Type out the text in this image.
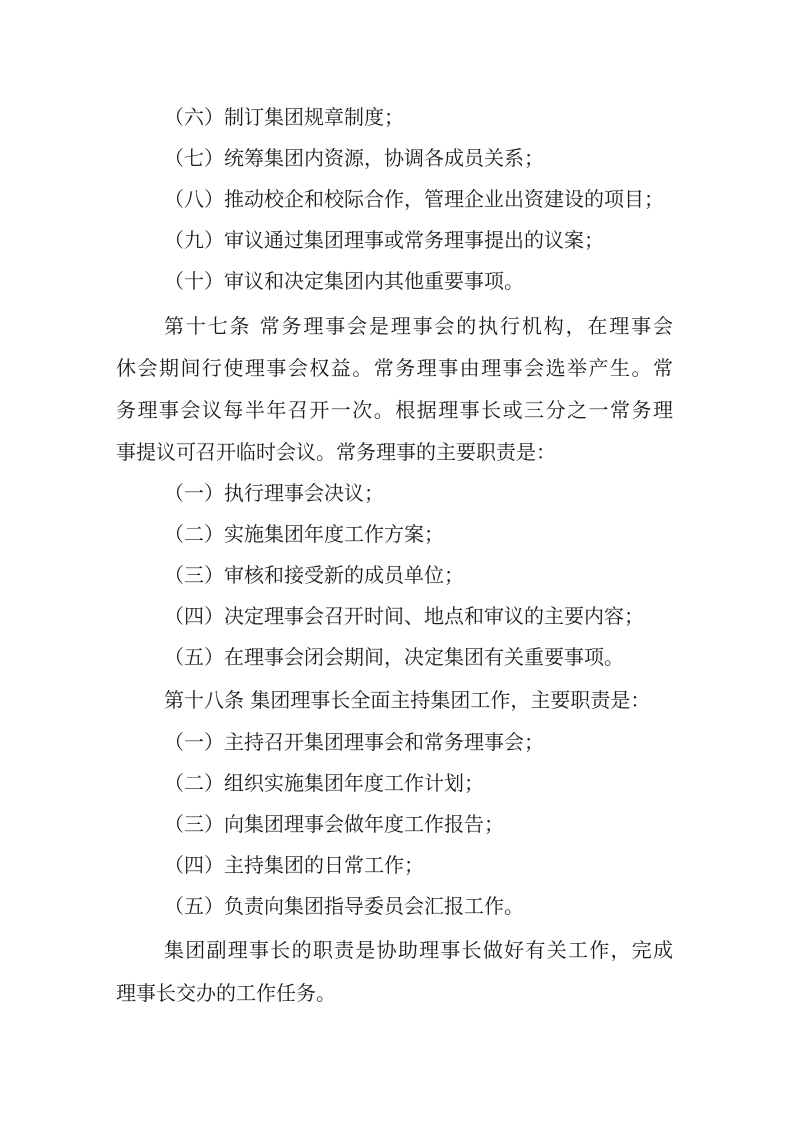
（六）制订集团规章制度；
（七）统筹集团内资源，协调各成员关系；
（八）推动校企和校际合作，管理企业出资建设的项目；
（九）审议通过集团理事或常务理事提出的议案；
（十）审议和决定集团内其他重要事项。
第十七条 常务理事会是理事会的执行机构，在理事会
休会期间行使理事会权益。常务理事由理事会选举产生。常
务理事会议每半年召开一次。根据理事长或三分之一常务理
事提议可召开临时会议。常务理事的主要职责是：
（一）执行理事会决议；
（二）实施集团年度工作方案；
（三）审核和接受新的成员单位；
（四）决定理事会召开时间、地点和审议的主要内容；
（五）在理事会闭会期间，决定集团有关重要事项。
第十八条 集团理事长全面主持集团工作，主要职责是：
（一）主持召开集团理事会和常务理事会；
（二）组织实施集团年度工作计划；
（三）向集团理事会做年度工作报告；
（四）主持集团的日常工作；
（五）负责向集团指导委员会汇报工作。
集团副理事长的职责是协助理事长做好有关工作，完成
理事长交办的工作任务。
